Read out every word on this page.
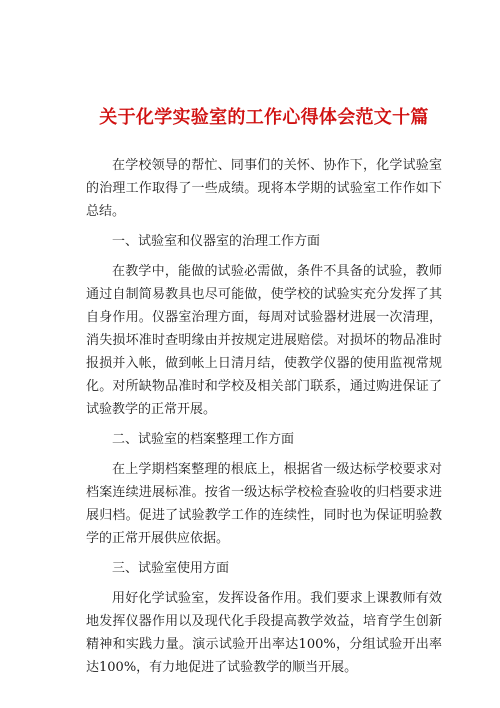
关于化学实验室的工作心得体会范文十篇

在学校领导的帮忙、同事们的关怀、协作下，化学试验室的治理工作取得了一些成绩。现将本学期的试验室工作作如下总结。

一、试验室和仪器室的治理工作方面

在教学中，能做的试验必需做，条件不具备的试验，教师通过自制简易教具也尽可能做，使学校的试验实充分发挥了其自身作用。仪器室治理方面，每周对试验器材进展一次清理，消失损坏准时查明缘由并按规定进展赔偿。对损坏的物品准时报损并入帐，做到帐上日清月结，使教学仪器的使用监视常规化。对所缺物品准时和学校及相关部门联系，通过购进保证了试验教学的正常开展。

二、试验室的档案整理工作方面

在上学期档案整理的根底上，根据省一级达标学校要求对档案连续进展标准。按省一级达标学校检查验收的归档要求进展归档。促进了试验教学工作的连续性，同时也为保证明验教学的正常开展供应依据。

三、试验室使用方面

用好化学试验室，发挥设备作用。我们要求上课教师有效地发挥仪器作用以及现代化手段提高教学效益，培育学生创新精神和实践力量。演示试验开出率达100%，分组试验开出率达100%，有力地促进了试验教学的顺当开展。
